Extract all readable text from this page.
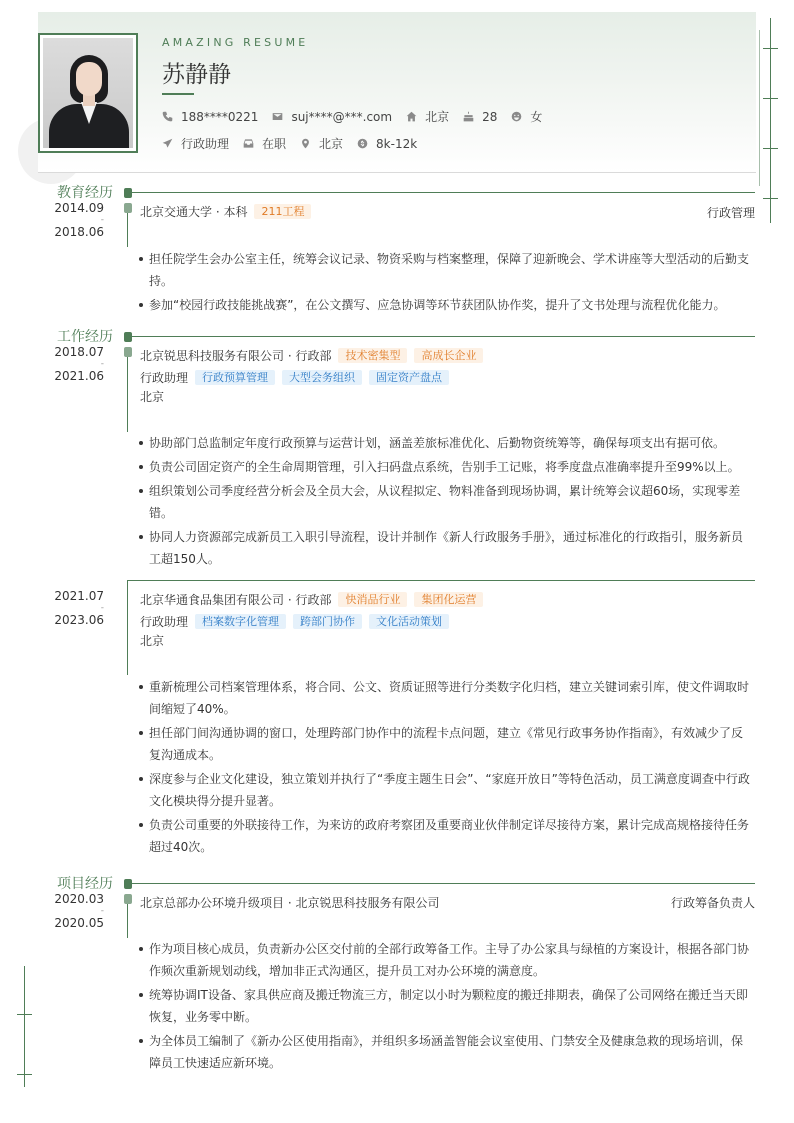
AMAZING RESUME
苏静静
188****0221	suj****@***.com	北京	28	女
行政助理	在职	北京	8k-12k
教育经历
2014.09
-
2018.06
北京交通大学 · 本科	211工程	行政管理
担任院学生会办公室主任，统筹会议记录、物资采购与档案整理，保障了迎新晚会、学术讲座等大型活动的后勤支持。
参加“校园行政技能挑战赛”，在公文撰写、应急协调等环节获团队协作奖，提升了文书处理与流程优化能力。
工作经历
2018.07
-
2021.06
北京锐思科技服务有限公司 · 行政部	技术密集型	高成长企业
行政助理	行政预算管理	大型会务组织	固定资产盘点
北京
协助部门总监制定年度行政预算与运营计划，涵盖差旅标准优化、后勤物资统筹等，确保每项支出有据可依。
负责公司固定资产的全生命周期管理，引入扫码盘点系统，告别手工记账，将季度盘点准确率提升至99%以上。
组织策划公司季度经营分析会及全员大会，从议程拟定、物料准备到现场协调，累计统筹会议超60场，实现零差错。
协同人力资源部完成新员工入职引导流程，设计并制作《新人行政服务手册》，通过标准化的行政指引，服务新员工超150人。
2021.07
-
2023.06
北京华通食品集团有限公司 · 行政部	快消品行业	集团化运营
行政助理	档案数字化管理	跨部门协作	文化活动策划
北京
重新梳理公司档案管理体系，将合同、公文、资质证照等进行分类数字化归档，建立关键词索引库，使文件调取时间缩短了40%。
担任部门间沟通协调的窗口，处理跨部门协作中的流程卡点问题，建立《常见行政事务协作指南》，有效减少了反复沟通成本。
深度参与企业文化建设，独立策划并执行了“季度主题生日会”、“家庭开放日”等特色活动，员工满意度调查中行政文化模块得分提升显著。
负责公司重要的外联接待工作，为来访的政府考察团及重要商业伙伴制定详尽接待方案，累计完成高规格接待任务超过40次。
项目经历
2020.03
-
2020.05
北京总部办公环境升级项目 · 北京锐思科技服务有限公司	行政筹备负责人
作为项目核心成员，负责新办公区交付前的全部行政筹备工作。主导了办公家具与绿植的方案设计，根据各部门协作频次重新规划动线，增加非正式沟通区，提升员工对办公环境的满意度。
统筹协调IT设备、家具供应商及搬迁物流三方，制定以小时为颗粒度的搬迁排期表，确保了公司网络在搬迁当天即恢复，业务零中断。
为全体员工编制了《新办公区使用指南》，并组织多场涵盖智能会议室使用、门禁安全及健康急救的现场培训，保障员工快速适应新环境。
